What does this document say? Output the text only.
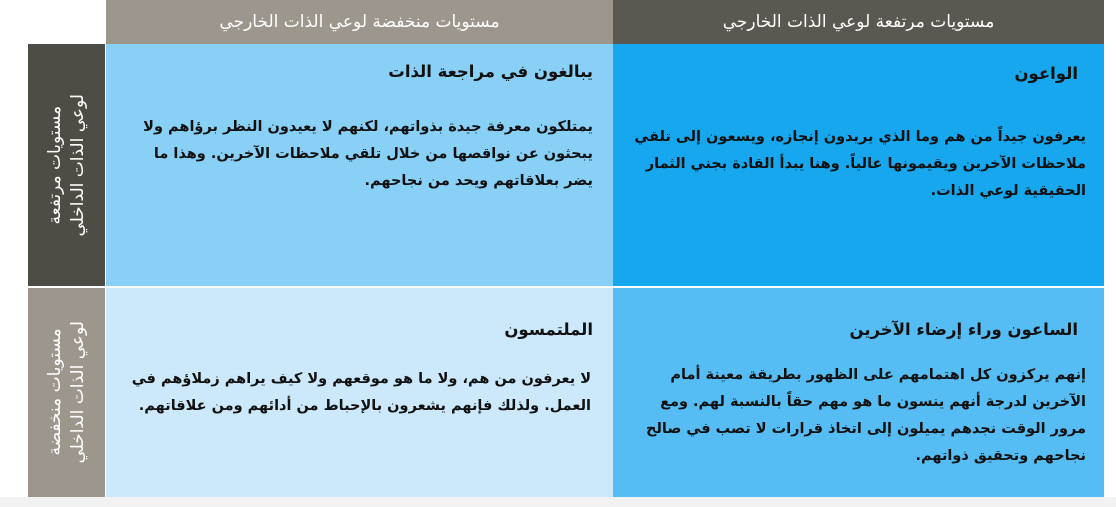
مستويات منخفضة لوعي الذات الخارجي	مستويات مرتفعة لوعي الذات الخارجي
مستويات مرتفعة
لوعي الذات الداخلي
مستويات منخفضة
لوعي الذات الداخلي
يبالغون في مراجعة الذات
يمتلكون معرفة جيدة بذواتهم، لكنهم لا يعيدون النظر برؤاهم ولا يبحثون عن نواقصها من خلال تلقي ملاحظات الآخرين. وهذا ما يضر بعلاقاتهم ويحد من نجاحهم.
الواعون
يعرفون جيداً من هم وما الذي يريدون إنجازه، ويسعون إلى تلقي ملاحظات الآخرين ويقيمونها عالياً. وهنا يبدأ القادة بجني الثمار الحقيقية لوعي الذات.
الملتمسون
لا يعرفون من هم، ولا ما هو موقعهم ولا كيف يراهم زملاؤهم في العمل. ولذلك فإنهم يشعرون بالإحباط من أدائهم ومن علاقاتهم.
الساعون وراء إرضاء الآخرين
إنهم يركزون كل اهتمامهم على الظهور بطريقة معينة أمام الآخرين لدرجة أنهم ينسون ما هو مهم حقاً بالنسبة لهم. ومع مرور الوقت نجدهم يميلون إلى اتخاذ قرارات لا تصب في صالح نجاحهم وتحقيق ذواتهم.
